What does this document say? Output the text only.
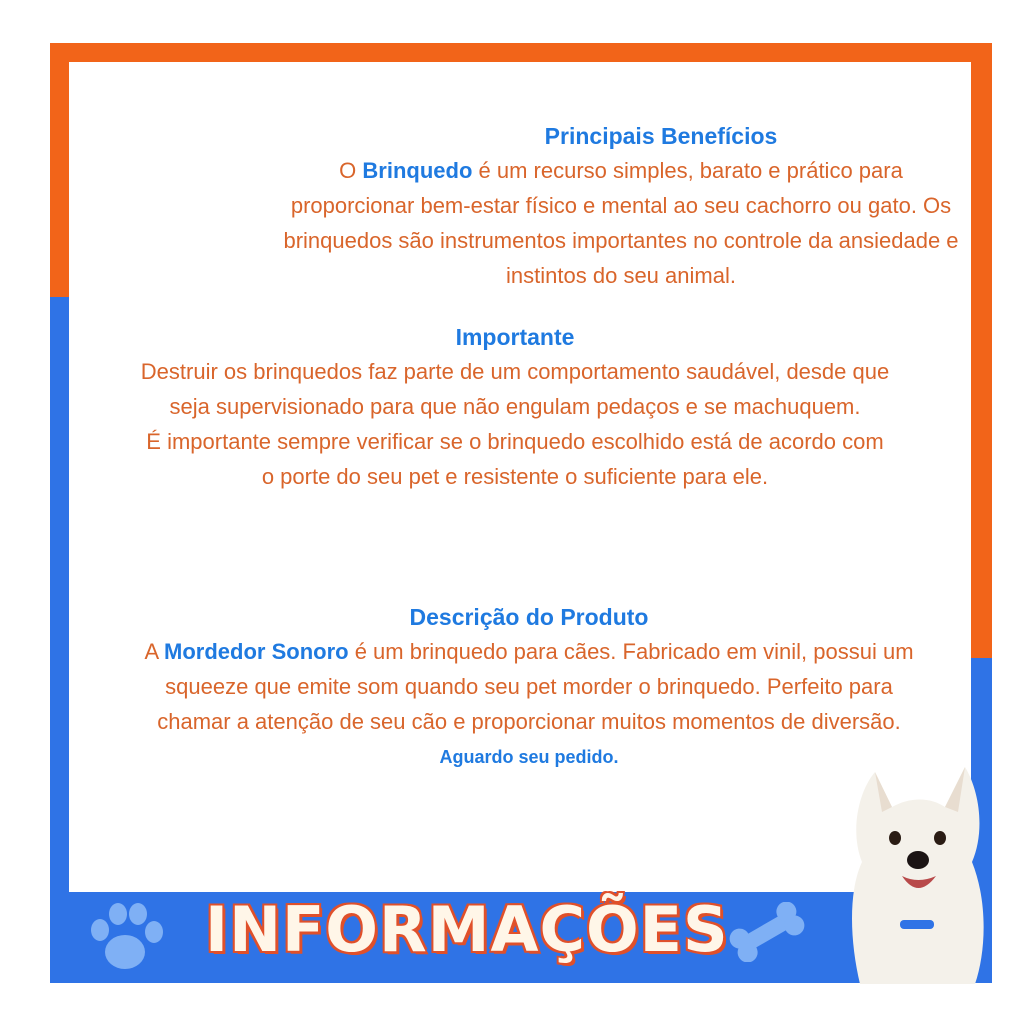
Principais Benefícios

O Brinquedo é um recurso simples, barato e prático para proporcionar bem-estar físico e mental ao seu cachorro ou gato. Os brinquedos são instrumentos importantes no controle da ansiedade e instintos do seu animal.

Importante

Destruir os brinquedos faz parte de um comportamento saudável, desde que seja supervisionado para que não engulam pedaços e se machuquem.

É importante sempre verificar se o brinquedo escolhido está de acordo com o porte do seu pet e resistente o suficiente para ele.

Descrição do Produto

A Mordedor Sonoro é um brinquedo para cães. Fabricado em vinil, possui um squeeze que emite som quando seu pet morder o brinquedo. Perfeito para chamar a atenção de seu cão e proporcionar muitos momentos de diversão.

Aguardo seu pedido.

INFORMAÇÕES
